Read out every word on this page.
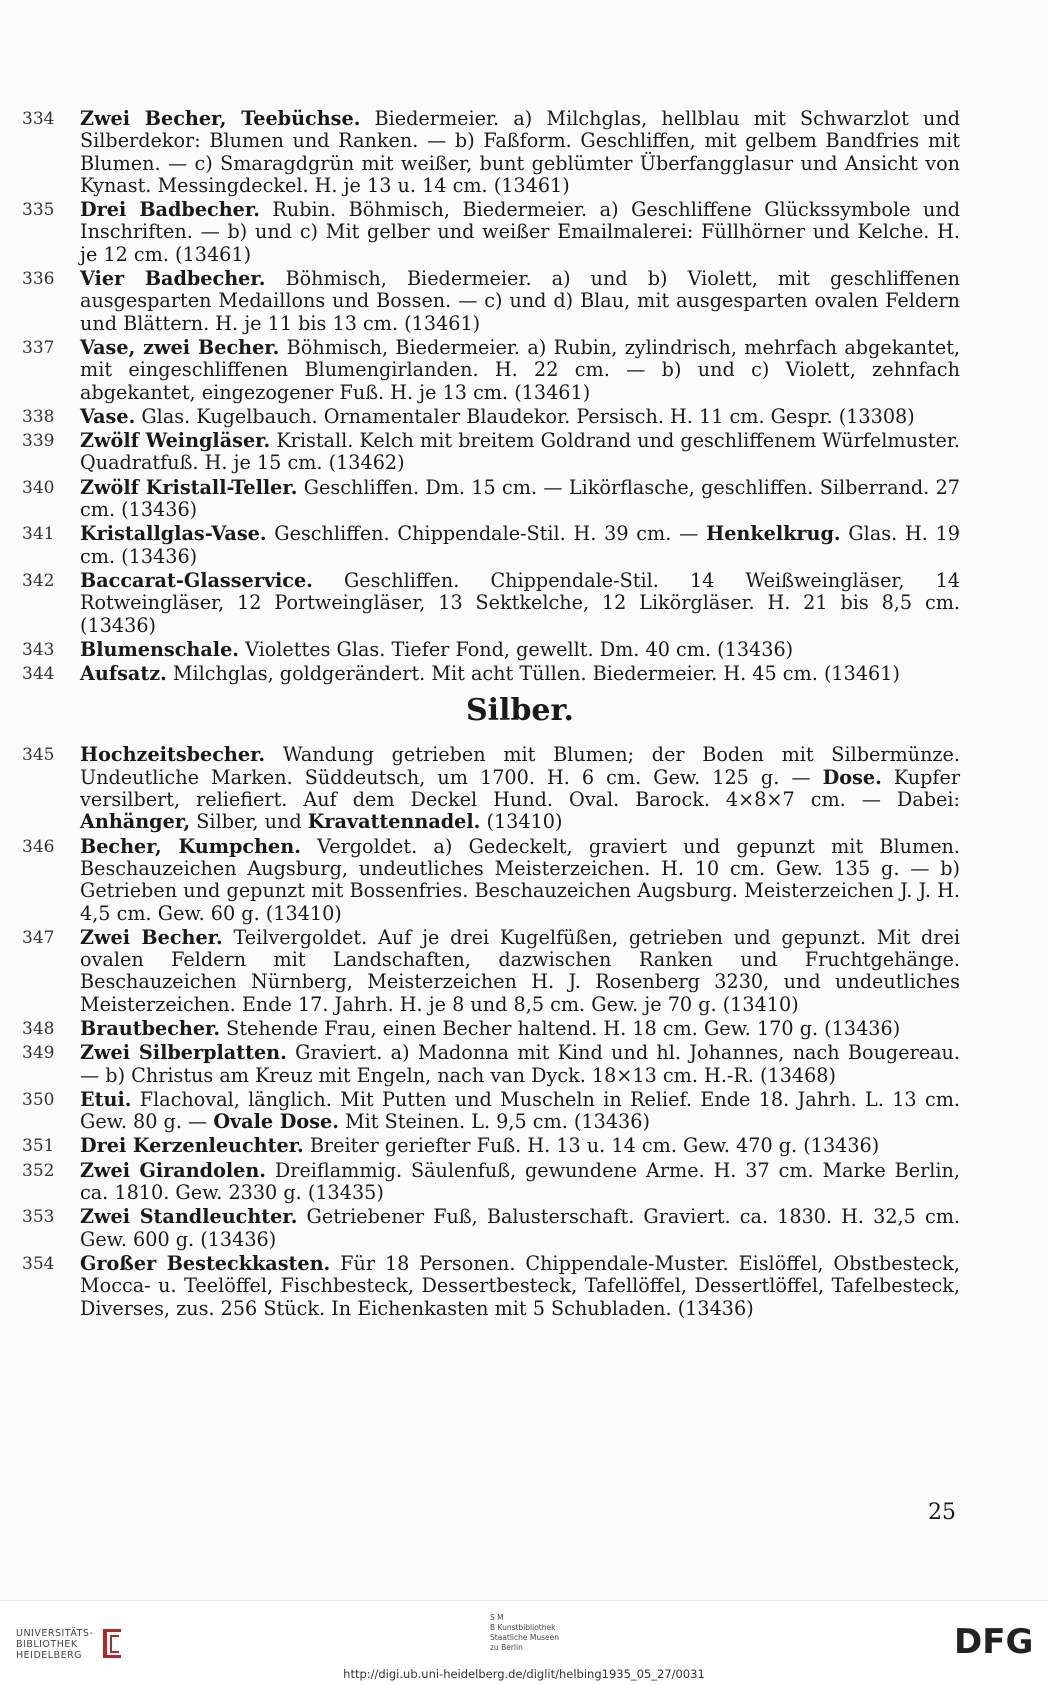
334	Zwei Becher, Teebüchse. Biedermeier. a) Milchglas, hellblau mit Schwarzlot und Silberdekor: Blumen und Ranken. — b) Faßform. Geschliffen, mit gelbem Bandfries mit Blumen. — c) Smaragdgrün mit weißer, bunt geblümter Überfangglasur und Ansicht von Kynast. Messingdeckel. H. je 13 u. 14 cm. (13461)
335	Drei Badbecher. Rubin. Böhmisch, Biedermeier. a) Geschliffene Glückssymbole und Inschriften. — b) und c) Mit gelber und weißer Emailmalerei: Füllhörner und Kelche. H. je 12 cm. (13461)
336	Vier Badbecher. Böhmisch, Biedermeier. a) und b) Violett, mit geschliffenen ausgesparten Medaillons und Bossen. — c) und d) Blau, mit ausgesparten ovalen Feldern und Blättern. H. je 11 bis 13 cm. (13461)
337	Vase, zwei Becher. Böhmisch, Biedermeier. a) Rubin, zylindrisch, mehrfach abgekantet, mit eingeschliffenen Blumengirlanden. H. 22 cm. — b) und c) Violett, zehnfach abgekantet, eingezogener Fuß. H. je 13 cm. (13461)
338	Vase. Glas. Kugelbauch. Ornamentaler Blaudekor. Persisch. H. 11 cm. Gespr. (13308)
339	Zwölf Weingläser. Kristall. Kelch mit breitem Goldrand und geschliffenem Würfelmuster. Quadratfuß. H. je 15 cm. (13462)
340	Zwölf Kristall-Teller. Geschliffen. Dm. 15 cm. — Likörflasche, geschliffen. Silberrand. 27 cm. (13436)
341	Kristallglas-Vase. Geschliffen. Chippendale-Stil. H. 39 cm. — Henkelkrug. Glas. H. 19 cm. (13436)
342	Baccarat-Glasservice. Geschliffen. Chippendale-Stil. 14 Weißweingläser, 14 Rotweingläser, 12 Portweingläser, 13 Sektkelche, 12 Likörgläser. H. 21 bis 8,5 cm. (13436)
343	Blumenschale. Violettes Glas. Tiefer Fond, gewellt. Dm. 40 cm. (13436)
344	Aufsatz. Milchglas, goldgerändert. Mit acht Tüllen. Biedermeier. H. 45 cm. (13461)
Silber.
345	Hochzeitsbecher. Wandung getrieben mit Blumen; der Boden mit Silbermünze. Undeutliche Marken. Süddeutsch, um 1700. H. 6 cm. Gew. 125 g. — Dose. Kupfer versilbert, reliefiert. Auf dem Deckel Hund. Oval. Barock. 4×8×7 cm. — Dabei: Anhänger, Silber, und Kravattennadel. (13410)
346	Becher, Kumpchen. Vergoldet. a) Gedeckelt, graviert und gepunzt mit Blumen. Beschauzeichen Augsburg, undeutliches Meisterzeichen. H. 10 cm. Gew. 135 g. — b) Getrieben und gepunzt mit Bossenfries. Beschauzeichen Augsburg. Meisterzeichen J. J. H. 4,5 cm. Gew. 60 g. (13410)
347	Zwei Becher. Teilvergoldet. Auf je drei Kugelfüßen, getrieben und gepunzt. Mit drei ovalen Feldern mit Landschaften, dazwischen Ranken und Fruchtgehänge. Beschauzeichen Nürnberg, Meisterzeichen H. J. Rosenberg 3230, und undeutliches Meisterzeichen. Ende 17. Jahrh. H. je 8 und 8,5 cm. Gew. je 70 g. (13410)
348	Brautbecher. Stehende Frau, einen Becher haltend. H. 18 cm. Gew. 170 g. (13436)
349	Zwei Silberplatten. Graviert. a) Madonna mit Kind und hl. Johannes, nach Bougereau. — b) Christus am Kreuz mit Engeln, nach van Dyck. 18×13 cm. H.-R. (13468)
350	Etui. Flachoval, länglich. Mit Putten und Muscheln in Relief. Ende 18. Jahrh. L. 13 cm. Gew. 80 g. — Ovale Dose. Mit Steinen. L. 9,5 cm. (13436)
351	Drei Kerzenleuchter. Breiter geriefter Fuß. H. 13 u. 14 cm. Gew. 470 g. (13436)
352	Zwei Girandolen. Dreiflammig. Säulenfuß, gewundene Arme. H. 37 cm. Marke Berlin, ca. 1810. Gew. 2330 g. (13435)
353	Zwei Standleuchter. Getriebener Fuß, Balusterschaft. Graviert. ca. 1830. H. 32,5 cm. Gew. 600 g. (13436)
354	Großer Besteckkasten. Für 18 Personen. Chippendale-Muster. Eislöffel, Obstbesteck, Mocca- u. Teelöffel, Fischbesteck, Dessertbesteck, Tafellöffel, Dessertlöffel, Tafelbesteck, Diverses, zus. 256 Stück. In Eichenkasten mit 5 Schubladen. (13436)
25
UNIVERSITÄTS-
BIBLIOTHEK
HEIDELBERG
S M
B Kunstbibliothek
Staatliche Museen
zu Berlin	DFG
http://digi.ub.uni-heidelberg.de/diglit/helbing1935_05_27/0031
